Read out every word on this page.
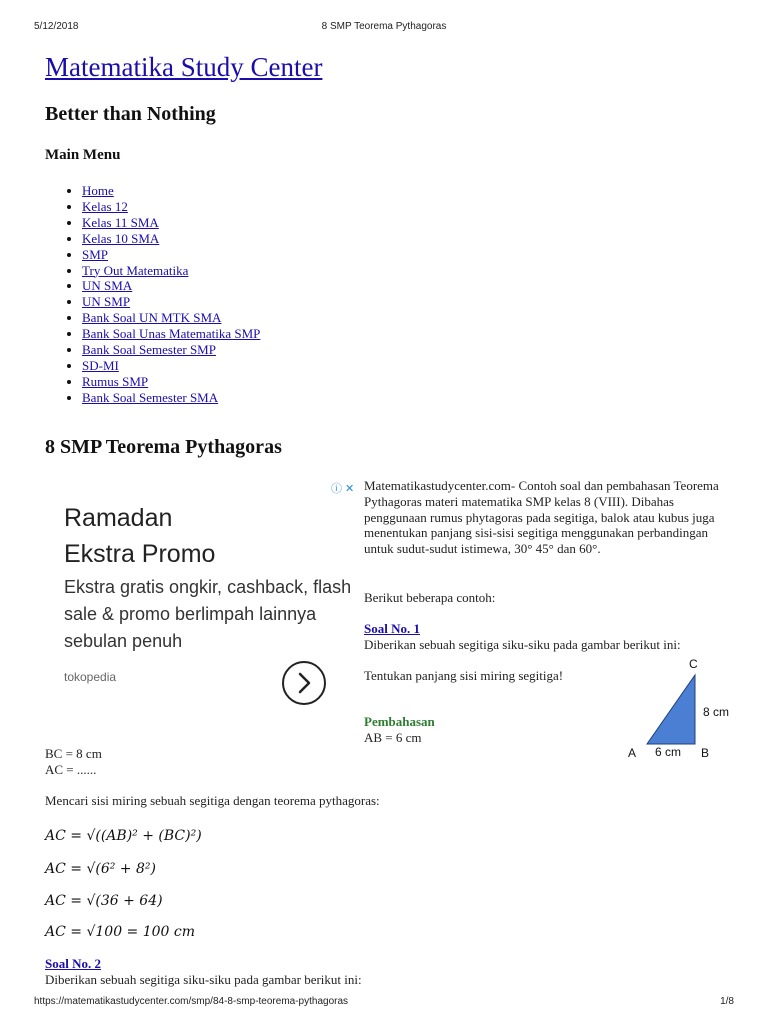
5/12/2018	8 SMP Teorema Pythagoras
Matematika Study Center
Better than Nothing
Main Menu
• Home
• Kelas 12
• Kelas 11 SMA
• Kelas 10 SMA
• SMP
• Try Out Matematika
• UN SMA
• UN SMP
• Bank Soal UN MTK SMA
• Bank Soal Unas Matematika SMP
• Bank Soal Semester SMP
• SD-MI
• Rumus SMP
• Bank Soal Semester SMA
8 SMP Teorema Pythagoras
ⓘ ✕
Ramadan
Ekstra Promo
Ekstra gratis ongkir, cashback, flash sale & promo berlimpah lainnya sebulan penuh
tokopedia
Matematikastudycenter.com- Contoh soal dan pembahasan Teorema Pythagoras materi matematika SMP kelas 8 (VIII). Dibahas penggunaan rumus phytagoras pada segitiga, balok atau kubus juga menentukan panjang sisi-sisi segitiga menggunakan perbandingan untuk sudut-sudut istimewa, 30° 45° dan 60°.
Berikut beberapa contoh:
Soal No. 1
Diberikan sebuah segitiga siku-siku pada gambar berikut ini:
Tentukan panjang sisi miring segitiga!
Pembahasan
AB = 6 cm
C
8 cm
A 6 cm B
BC = 8 cm
AC = ......
Mencari sisi miring sebuah segitiga dengan teorema pythagoras:
AC = √((AB)² + (BC)²)
AC = √(6² + 8²)
AC = √(36 + 64)
AC = √100 = 100 cm
Soal No. 2
Diberikan sebuah segitiga siku-siku pada gambar berikut ini:
https://matematikastudycenter.com/smp/84-8-smp-teorema-pythagoras	1/8
